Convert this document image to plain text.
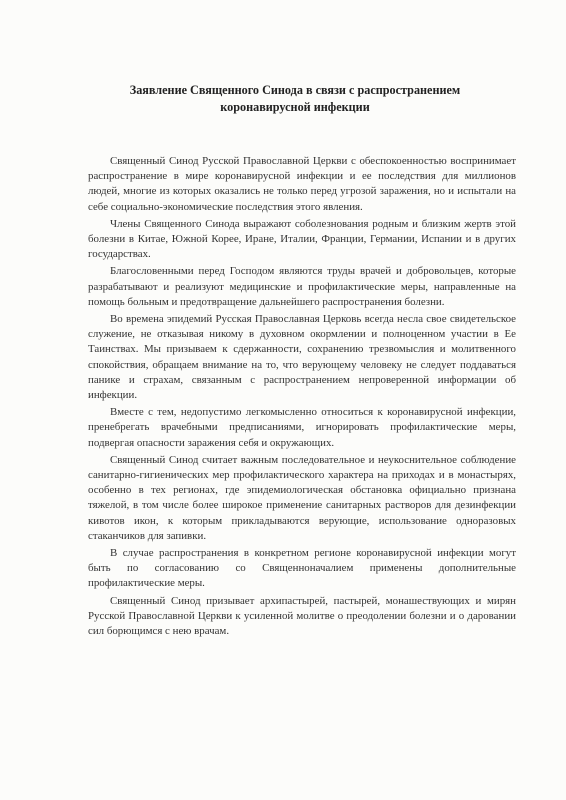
Заявление Священного Синода в связи с распространением
коронавирусной инфекции

Священный Синод Русской Православной Церкви с обеспокоенностью воспринимает распространение в мире коронавирусной инфекции и ее последствия для миллионов людей, многие из которых оказались не только перед угрозой заражения, но и испытали на себе социально-экономические последствия этого явления.

Члены Священного Синода выражают соболезнования родным и близким жертв этой болезни в Китае, Южной Корее, Иране, Италии, Франции, Германии, Испании и в других государствах.

Благословенными перед Господом являются труды врачей и добровольцев, которые разрабатывают и реализуют медицинские и профилактические меры, направленные на помощь больным и предотвращение дальнейшего распространения болезни.

Во времена эпидемий Русская Православная Церковь всегда несла свое свидетельское служение, не отказывая никому в духовном окормлении и полноценном участии в Ее Таинствах. Мы призываем к сдержанности, сохранению трезвомыслия и молитвенного спокойствия, обращаем внимание на то, что верующему человеку не следует поддаваться панике и страхам, связанным с распространением непроверенной информации об инфекции.

Вместе с тем, недопустимо легкомысленно относиться к коронавирусной инфекции, пренебрегать врачебными предписаниями, игнорировать профилактические меры, подвергая опасности заражения себя и окружающих.

Священный Синод считает важным последовательное и неукоснительное соблюдение санитарно-гигиенических мер профилактического характера на приходах и в монастырях, особенно в тех регионах, где эпидемиологическая обстановка официально признана тяжелой, в том числе более широкое применение санитарных растворов для дезинфекции кивотов икон, к которым прикладываются верующие, использование одноразовых стаканчиков для запивки.

В случае распространения в конкретном регионе коронавирусной инфекции могут быть по согласованию со Священноначалием применены дополнительные профилактические меры.

Священный Синод призывает архипастырей, пастырей, монашествующих и мирян Русской Православной Церкви к усиленной молитве о преодолении болезни и о даровании сил борющимся с нею врачам.
